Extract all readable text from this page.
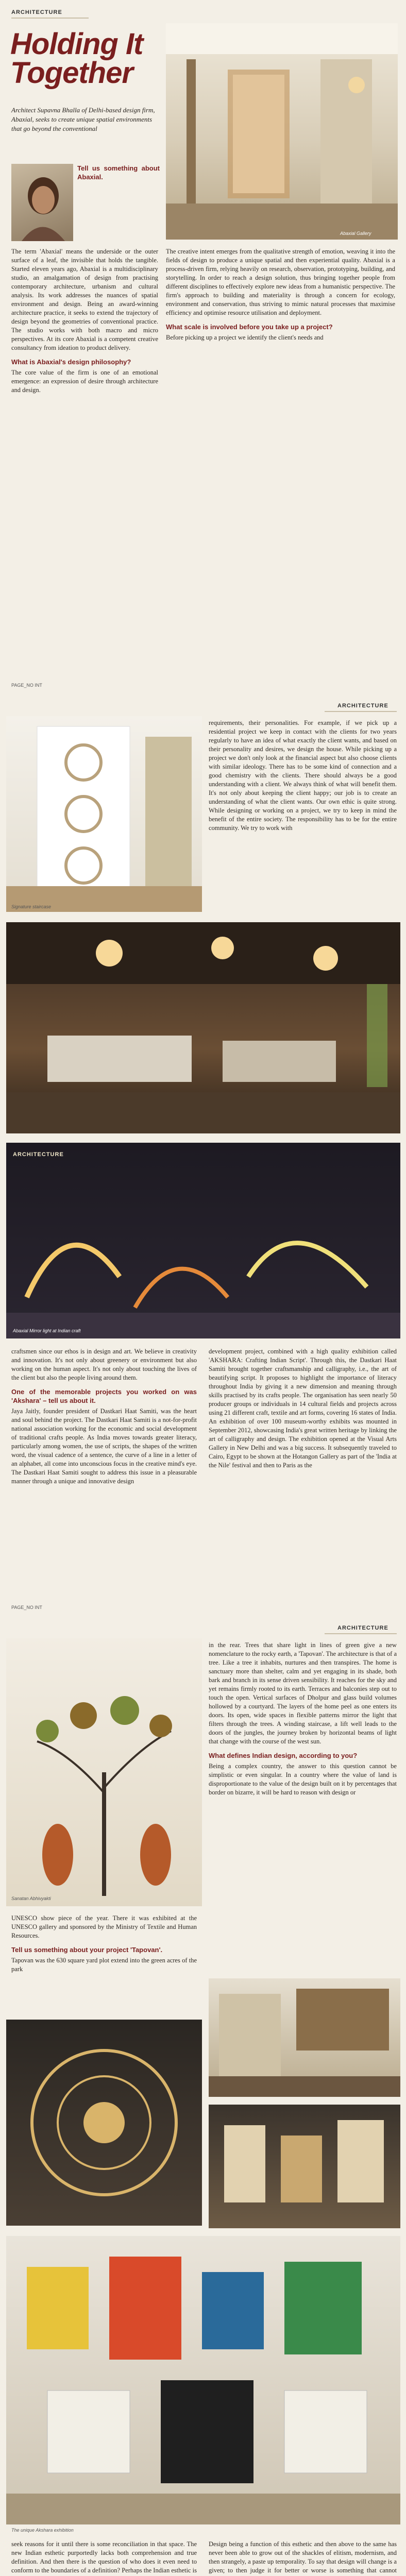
ARCHITECTURE
Holding It
Together
Architect Supavna Bhalla of Delhi-based design firm, Abaxial, seeks to create unique spatial environments that go beyond the conventional
Abaxial Gallery
Tell us something about Abaxial.

The term 'Abaxial' means the underside or the outer surface of a leaf, the invisible that holds the tangible. Started eleven years ago, Abaxial is a multidisciplinary studio, an amalgamation of design from practising contemporary architecture, urbanism and cultural analysis. Its work addresses the nuances of spatial environment and design. Being an award-winning architecture practice, it seeks to extend the trajectory of design beyond the geometries of conventional practice. The studio works with both macro and micro perspectives. At its core Abaxial is a competent creative consultancy from ideation to product delivery.

What is Abaxial's design philosophy?

The core value of the firm is one of an emotional emergence: an expression of desire through architecture and design.

The creative intent emerges from the qualitative strength of emotion, weaving it into the fields of design to produce a unique spatial and then experiential quality. Abaxial is a process-driven firm, relying heavily on research, observation, prototyping, building, and storytelling. In order to reach a design solution, thus bringing together people from different disciplines to effectively explore new ideas from a humanistic perspective. The firm's approach to building and materiality is through a concern for ecology, environment and conservation, thus striving to mimic natural processes that maximise efficiency and optimise resource utilisation and deployment.

What scale is involved before you take up a project?

Before picking up a project we identify the client's needs and

PAGE_NO INT
ARCHITECTURE
Signature staircase
requirements, their personalities. For example, if we pick up a residential project we keep in contact with the clients for two years regularly to have an idea of what exactly the client wants, and based on their personality and desires, we design the house. While picking up a project we don't only look at the financial aspect but also choose clients with similar ideology. There has to be some kind of connection and a good chemistry with the clients. There should always be a good understanding with a client. We always think of what will benefit them. It's not only about keeping the client happy; our job is to create an understanding of what the client wants. Our own ethic is quite strong. While designing or working on a project, we try to keep in mind the benefit of the entire society. The responsibility has to be for the entire community. We try to work with
ARCHITECTURE
Abaxial Mirror light at Indian craft

craftsmen since our ethos is in design and art. We believe in creativity and innovation. It's not only about greenery or environment but also working on the human aspect. It's not only about touching the lives of the client but also the people living around them.

One of the memorable projects you worked on was 'Akshara' – tell us about it.

Jaya Jaitly, founder president of Dastkari Haat Samiti, was the heart and soul behind the project. The Dastkari Haat Samiti is a not-for-profit national association working for the economic and social development of traditional crafts people. As India moves towards greater literacy, particularly among women, the use of scripts, the shapes of the written word, the visual cadence of a sentence, the curve of a line in a letter of an alphabet, all come into unconscious focus in the creative mind's eye. The Dastkari Haat Samiti sought to address this issue in a pleasurable manner through a unique and innovative design

development project, combined with a high quality exhibition called 'AKSHARA: Crafting Indian Script'. Through this, the Dastkari Haat Samiti brought together craftsmanship and calligraphy, i.e., the art of beautifying script. It proposes to highlight the importance of literacy throughout India by giving it a new dimension and meaning through skills practised by its crafts people. The organisation has seen nearly 50 producer groups or individuals in 14 cultural fields and projects across using 21 different craft, textile and art forms, covering 16 states of India. An exhibition of over 100 museum-worthy exhibits was mounted in September 2012, showcasing India's great written heritage by linking the art of calligraphy and design. The exhibition opened at the Visual Arts Gallery in New Delhi and was a big success. It subsequently traveled to Cairo, Egypt to be shown at the Hotangon Gallery as part of the 'India at the Nile' festival and then to Paris as the
PAGE_NO INT
ARCHITECTURE
Sanatan Abhivyakti

in the rear. Trees that share light in lines of green give a new nomenclature to the rocky earth, a 'Tapovan'. The architecture is that of a tree. Like a tree it inhabits, nurtures and then transpires. The home is sanctuary more than shelter, calm and yet engaging in its shade, both bark and branch in its sense driven sensibility. It reaches for the sky and yet remains firmly rooted to its earth. Terraces and balconies step out to touch the open. Vertical surfaces of Dholpur and glass build volumes hollowed by a courtyard. The layers of the home peel as one enters its doors. Its open, wide spaces in flexible patterns mirror the light that filters through the trees. A winding staircase, a lift well leads to the doors of the jungles, the journey broken by horizontal beams of light that change with the course of the west sun.

What defines Indian design, according to you?

Being a complex country, the answer to this question cannot be simplistic or even singular. In a country where the value of land is disproportionate to the value of the design built on it by percentages that border on bizarre, it will be hard to reason with design or

UNESCO show piece of the year. There it was exhibited at the UNESCO gallery and sponsored by the Ministry of Textile and Human Resources.

Tell us something about your project 'Tapovan'.

Tapovan was the 630 square yard plot extend into the green acres of the park

The unique Akshara exhibition
seek reasons for it until there is some reconciliation in that space. The new Indian esthetic purportedly lacks both comprehension and true definition. And then there is the question of who does it even need to conform to the boundaries of a definition? Perhaps the Indian esthetic is

Design being a function of this esthetic and then above to the same has never been able to grow out of the shackles of elitism, modernism, and then strangely, a paste up temporality. To say that design will change is a given; to then judge it for better or worse is something that cannot
